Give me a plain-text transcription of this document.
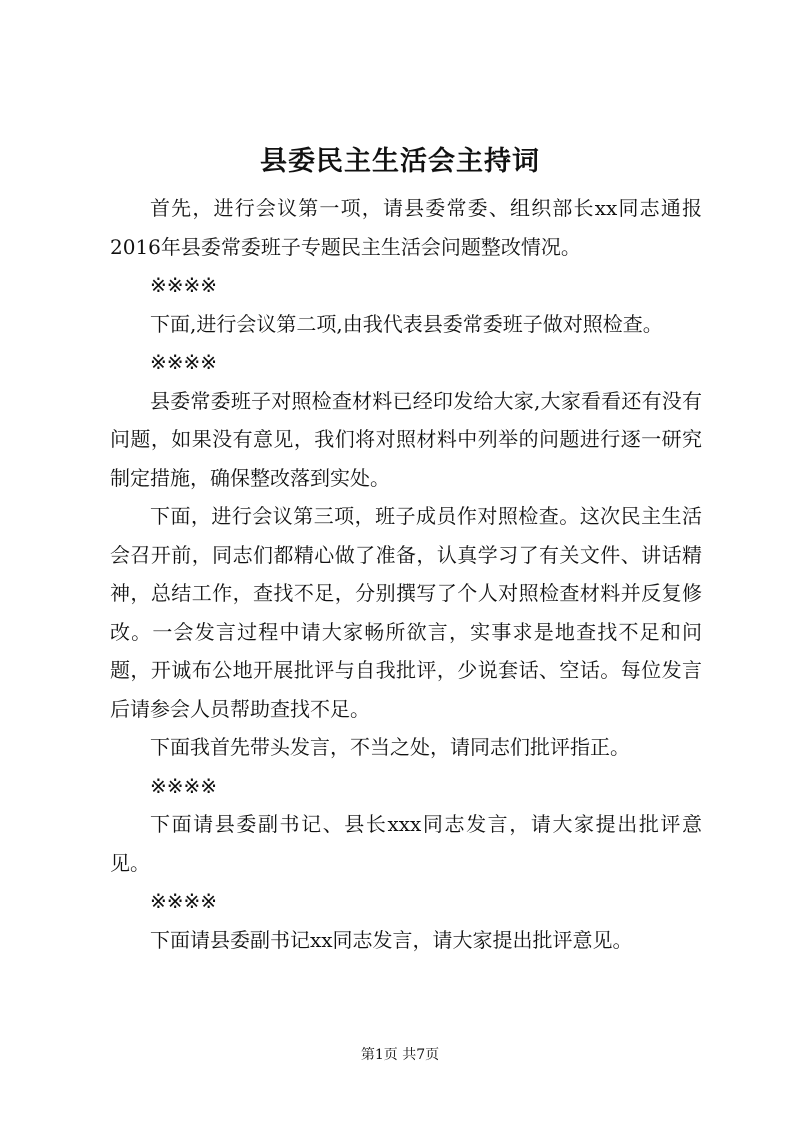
县委民主生活会主持词

首先，进行会议第一项，请县委常委、组织部长xx同志通报2016年县委常委班子专题民主生活会问题整改情况。

※※※※

下面,进行会议第二项,由我代表县委常委班子做对照检查。

※※※※

县委常委班子对照检查材料已经印发给大家,大家看看还有没有问题，如果没有意见，我们将对照材料中列举的问题进行逐一研究制定措施，确保整改落到实处。

下面，进行会议第三项，班子成员作对照检查。这次民主生活会召开前，同志们都精心做了准备，认真学习了有关文件、讲话精神，总结工作，查找不足，分别撰写了个人对照检查材料并反复修改。一会发言过程中请大家畅所欲言，实事求是地查找不足和问题，开诚布公地开展批评与自我批评，少说套话、空话。每位发言后请参会人员帮助查找不足。

下面我首先带头发言，不当之处，请同志们批评指正。

※※※※

下面请县委副书记、县长xxx同志发言，请大家提出批评意见。

※※※※

下面请县委副书记xx同志发言，请大家提出批评意见。

第1页 共7页
